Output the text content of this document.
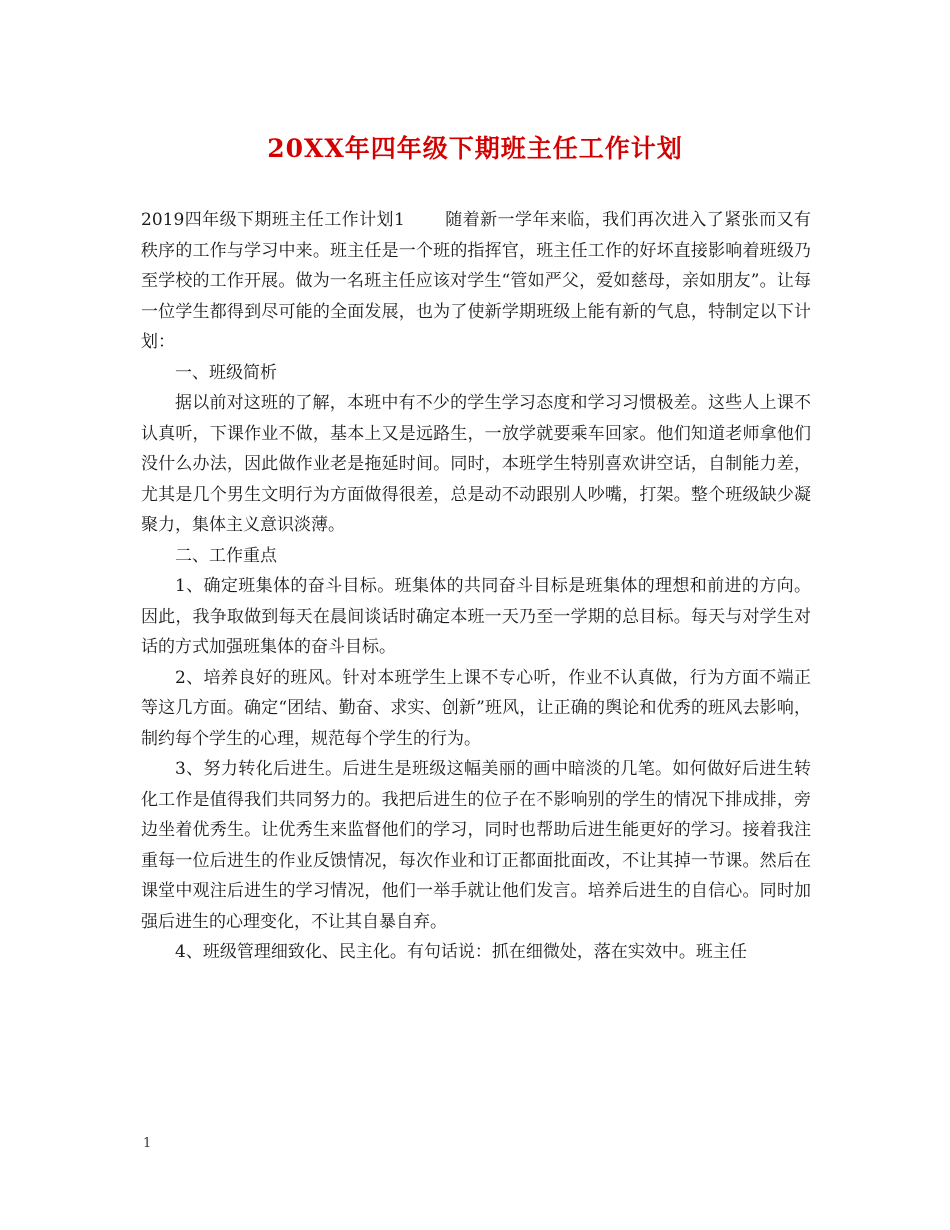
20XX年四年级下期班主任工作计划

2019四年级下期班主任工作计划1 随着新一学年来临，我们再次进入了紧张而又有秩序的工作与学习中来。班主任是一个班的指挥官，班主任工作的好坏直接影响着班级乃至学校的工作开展。做为一名班主任应该对学生“管如严父，爱如慈母，亲如朋友”。让每一位学生都得到尽可能的全面发展，也为了使新学期班级上能有新的气息，特制定以下计划：

一、班级简析

据以前对这班的了解，本班中有不少的学生学习态度和学习习惯极差。这些人上课不认真听，下课作业不做，基本上又是远路生，一放学就要乘车回家。他们知道老师拿他们没什么办法，因此做作业老是拖延时间。同时，本班学生特别喜欢讲空话，自制能力差，尤其是几个男生文明行为方面做得很差，总是动不动跟别人吵嘴，打架。整个班级缺少凝聚力，集体主义意识淡薄。

二、工作重点

1、确定班集体的奋斗目标。班集体的共同奋斗目标是班集体的理想和前进的方向。因此，我争取做到每天在晨间谈话时确定本班一天乃至一学期的总目标。每天与对学生对话的方式加强班集体的奋斗目标。

2、培养良好的班风。针对本班学生上课不专心听，作业不认真做，行为方面不端正等这几方面。确定“团结、勤奋、求实、创新”班风，让正确的舆论和优秀的班风去影响，制约每个学生的心理，规范每个学生的行为。

3、努力转化后进生。后进生是班级这幅美丽的画中暗淡的几笔。如何做好后进生转化工作是值得我们共同努力的。我把后进生的位子在不影响别的学生的情况下排成排，旁边坐着优秀生。让优秀生来监督他们的学习，同时也帮助后进生能更好的学习。接着我注重每一位后进生的作业反馈情况，每次作业和订正都面批面改，不让其掉一节课。然后在课堂中观注后进生的学习情况，他们一举手就让他们发言。培养后进生的自信心。同时加强后进生的心理变化，不让其自暴自弃。

4、班级管理细致化、民主化。有句话说：抓在细微处，落在实效中。班主任

1
